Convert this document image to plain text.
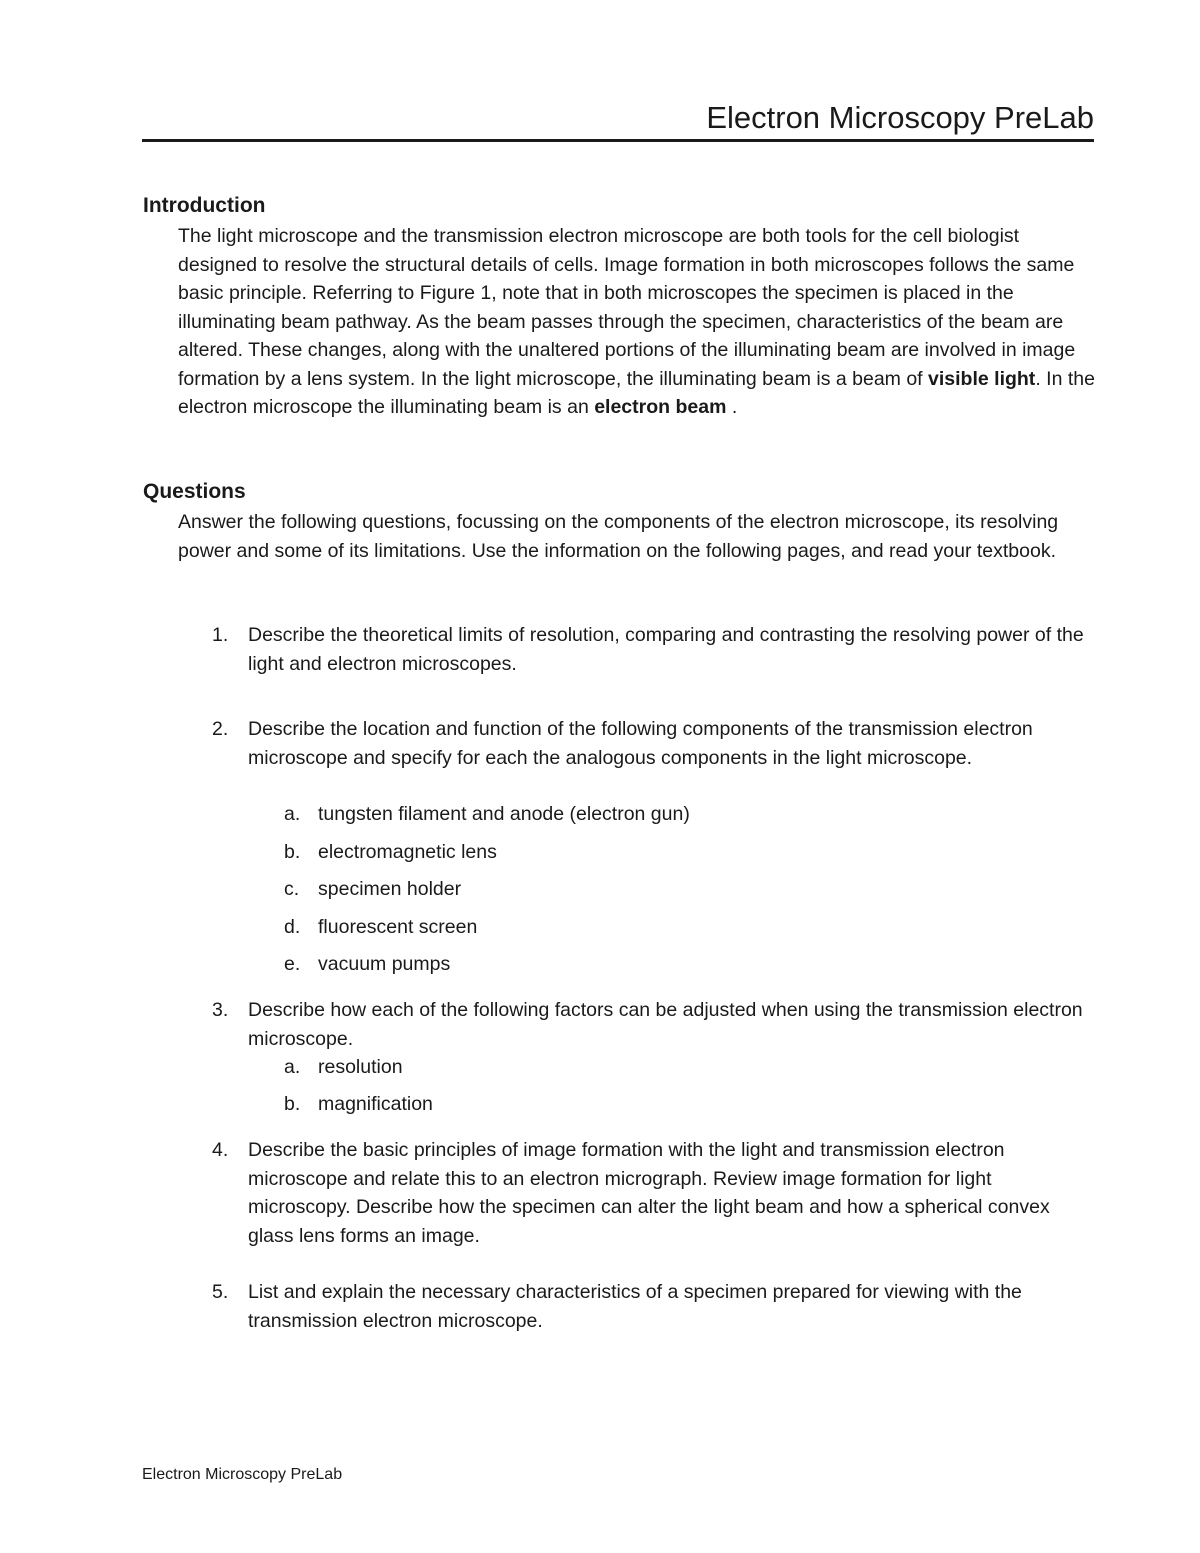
Electron Microscopy PreLab
Introduction
The light microscope and the transmission electron microscope are both tools for the cell biologist designed to resolve the structural details of cells. Image formation in both microscopes follows the same basic principle. Referring to Figure 1, note that in both microscopes the specimen is placed in the illuminating beam pathway. As the beam passes through the specimen, characteristics of the beam are altered. These changes, along with the unaltered portions of the illuminating beam are involved in image formation by a lens system. In the light microscope, the illuminating beam is a beam of visible light. In the electron microscope the illuminating beam is an electron beam .
Questions
Answer the following questions, focussing on the components of the electron microscope, its resolving power and some of its limitations. Use the information on the following pages, and read your textbook.
1. Describe the theoretical limits of resolution, comparing and contrasting the resolving power of the light and electron microscopes.
2. Describe the location and function of the following components of the transmission electron microscope and specify for each the analogous components in the light microscope.
a. tungsten filament and anode (electron gun)
b. electromagnetic lens
c. specimen holder
d. fluorescent screen
e. vacuum pumps
3. Describe how each of the following factors can be adjusted when using the transmission electron microscope.
a. resolution
b. magnification
4. Describe the basic principles of image formation with the light and transmission electron microscope and relate this to an electron micrograph. Review image formation for light microscopy. Describe how the specimen can alter the light beam and how a spherical convex glass lens forms an image.
5. List and explain the necessary characteristics of a specimen prepared for viewing with the transmission electron microscope.
Electron Microscopy PreLab
